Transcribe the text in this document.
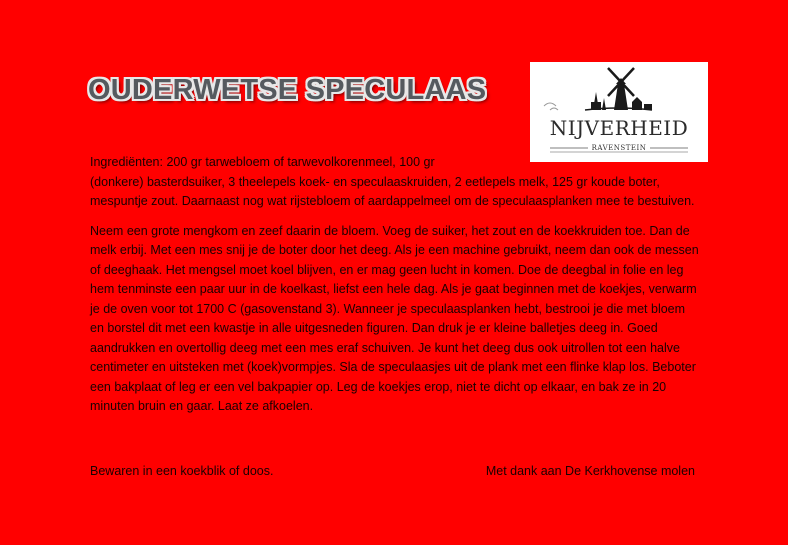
OUDERWETSE SPECULAAS
NIJVERHEID
RAVENSTEIN

Ingrediënten: 200 gr tarwebloem of tarwevolkorenmeel, 100 gr
(donkere) basterdsuiker, 3 theelepels koek- en speculaaskruiden, 2 eetlepels melk, 125 gr koude boter, mespuntje zout. Daarnaast nog wat rijstebloem of aardappelmeel om de speculaasplanken mee te bestuiven.

Neem een grote mengkom en zeef daarin de bloem. Voeg de suiker, het zout en de koekkruiden toe. Dan de melk erbij. Met een mes snij je de boter door het deeg. Als je een machine gebruikt, neem dan ook de messen of deeghaak. Het mengsel moet koel blijven, en er mag geen lucht in komen. Doe de deegbal in folie en leg hem tenminste een paar uur in de koelkast, liefst een hele dag. Als je gaat beginnen met de koekjes, verwarm je de oven voor tot 1700 C (gasovenstand 3). Wanneer je speculaasplanken hebt, bestrooi je die met bloem en borstel dit met een kwastje in alle uitgesneden figuren. Dan druk je er kleine balletjes deeg in. Goed aandrukken en overtollig deeg met een mes eraf schuiven. Je kunt het deeg dus ook uitrollen tot een halve centimeter en uitsteken met (koek)vormpjes. Sla de speculaasjes uit de plank met een flinke klap los. Beboter een bakplaat of leg er een vel bakpapier op. Leg de koekjes erop, niet te dicht op elkaar, en bak ze in 20 minuten bruin en gaar. Laat ze afkoelen.

Bewaren in een koekblik of doos.	Met dank aan De Kerkhovense molen
